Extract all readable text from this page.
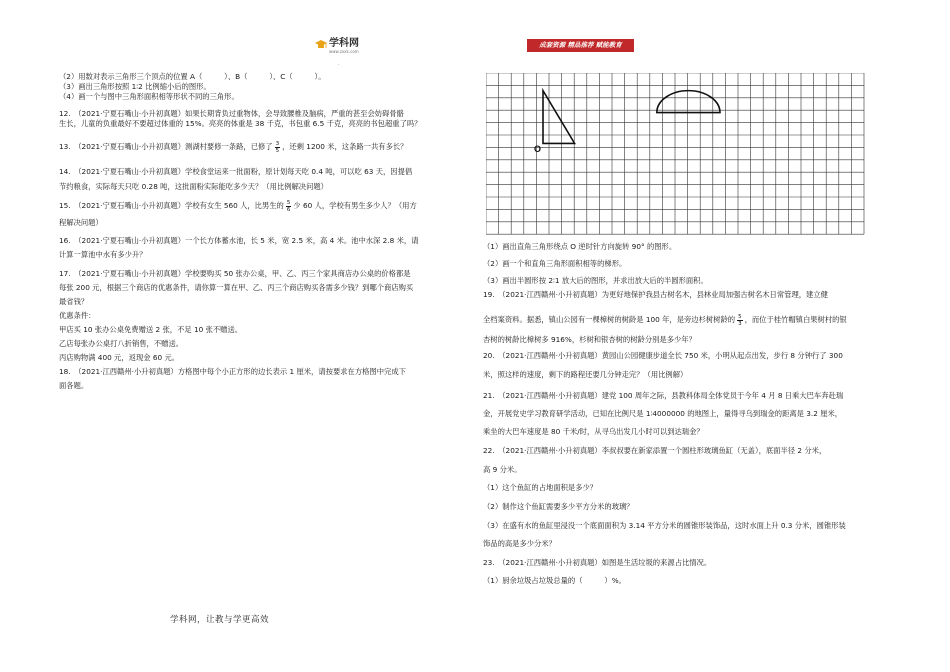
学科网
www.zxxk.com
成套资源 精品推荐 赋能教育
·
（2）用数对表示三角形三个顶点的位置 A（　　　）、B（　　　）、C（　　　）。
（3）画出三角形按照 1∶2 比例缩小后的图形。
（4）画一个与图中三角形面积相等形状不同的三角形。
12.　（2021·宁夏石嘴山·小升初真题）如果长期背负过重物体，会导致腰椎及脑病，严重的甚至会妨碍骨骼
生长，儿童的负重最好不要超过体重的 15%。亮亮的体重是 38 千克，书包重 6.5 千克，亮亮的书包超重了吗？
13.　（2021·宁夏石嘴山·小升初真题）测湖村要修一条路，已修了 $\frac{3}{5}$ ，还剩 1200 米，这条路一共有多长？
14.　（2021·宁夏石嘴山·小升初真题）学校食堂运来一批面粉，原计划每天吃 0.4 吨，可以吃 63 天，因提倡
节约粮食，实际每天只吃 0.28 吨，这批面粉实际能吃多少天？（用比例解决问题）
15.　（2021·宁夏石嘴山·小升初真题）学校有女生 560 人，比男生的 $\frac{5}{6}$ 少 60 人，学校有男生多少人？（用方
程解决问题）
16.　（2021·宁夏石嘴山·小升初真题）一个长方体蓄水池，长 5 米，宽 2.5 米，高 4 米。池中水深 2.8 米，请
计算一算池中水有多少升？
17.　（2021·宁夏石嘴山·小升初真题）学校要购买 50 张办公桌，甲、乙、丙三个家具商店办公桌的价格都是
每张 200 元，根据三个商店的优惠条件，请你算一算在甲、乙、丙三个商店购买各需多少钱？到哪个商店购买
最省钱？
优惠条件：
甲店买 10 张办公桌免费赠送 2 张，不足 10 张不赠送。
乙店每张办公桌打八折销售，不赠送。
丙店购物满 400 元，返现金 60 元。
18.　（2021·江西赣州·小升初真题）方格图中每个小正方形的边长表示 1 厘米，请按要求在方格图中完成下
面各题。
O
（1）画出直角三角形绕点 O 逆时针方向旋转 90° 的图形。
（2）画一个和直角三角形面积相等的梯形。
（3）画出半圆形按 2∶1 放大后的图形，并求出放大后的半圆形面积。
19.　（2021·江西赣州·小升初真题）为更好地保护我县古树名木，县林业局加强古树名木日常管理，建立健
全档案资料。据悉，镇山公园有一棵樟树的树龄是 100 年，是旁边杉树树龄的 $\frac{5}{3}$ ，而位于桂竹帽镇白果树村的银
杏树的树龄比樟树多 916%，杉树和银杏树的树龄分别是多少年？
20.　（2021·江西赣州·小升初真题）黄园山公园健康步道全长 750 米，小明从起点出发，步行 8 分钟行了 300
米，照这样的速度，剩下的路程还要几分钟走完？（用比例解）
21.　（2021·江西赣州·小升初真题）建党 100 周年之际，县教科体局全体党员于今年 4 月 8 日乘大巴车奔赴瑞
金，开展党史学习教育研学活动，已知在比例尺是 1∶4000000 的地图上，量得寻乌到瑞金的距离是 3.2 厘米，
乘坐的大巴车速度是 80 千米/时，从寻乌出发几小时可以到达瑞金？
22.　（2021·江西赣州·小升初真题）李叔叔要在新家添置一个圆柱形玻璃鱼缸（无盖），底面半径 2 分米，
高 9 分米。
（1）这个鱼缸的占地面积是多少？
（2）制作这个鱼缸需要多少平方分米的玻璃？
（3）在盛有水的鱼缸里浸没一个底面面积为 3.14 平方分米的圆锥形装饰品，这时水面上升 0.3 分米，圆锥形装
饰品的高是多少分米？
23.　（2021·江西赣州·小升初真题）如图是生活垃圾的来源占比情况。
（1）厨余垃圾占垃圾总量的（　　　）%。
学科网，让教与学更高效
